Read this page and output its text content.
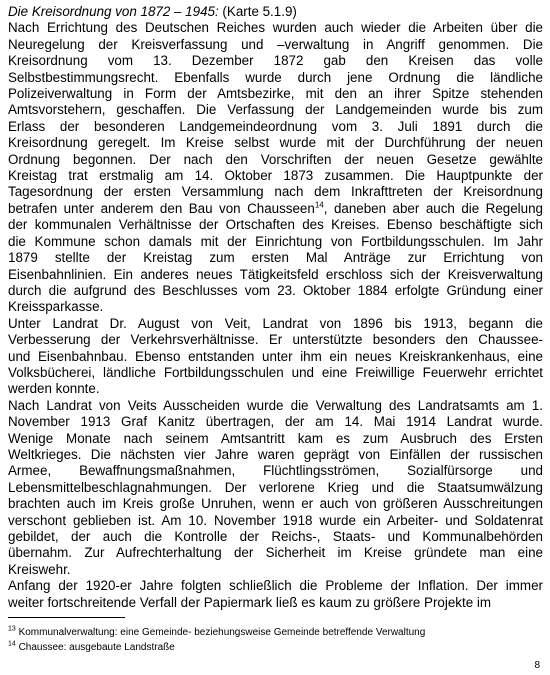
Die Kreisordnung von 1872 – 1945: (Karte 5.1.9)

Nach Errichtung des Deutschen Reiches wurden auch wieder die Arbeiten über die
Neuregelung der Kreisverfassung und –verwaltung in Angriff genommen. Die
Kreisordnung vom 13. Dezember 1872 gab den Kreisen das volle
Selbstbestimmungsrecht. Ebenfalls wurde durch jene Ordnung die ländliche
Polizeiverwaltung in Form der Amtsbezirke, mit den an ihrer Spitze stehenden
Amtsvorstehern, geschaffen. Die Verfassung der Landgemeinden wurde bis zum
Erlass der besonderen Landgemeindeordnung vom 3. Juli 1891 durch die
Kreisordnung geregelt. Im Kreise selbst wurde mit der Durchführung der neuen
Ordnung begonnen. Der nach den Vorschriften der neuen Gesetze gewählte
Kreistag trat erstmalig am 14. Oktober 1873 zusammen. Die Hauptpunkte der
Tagesordnung der ersten Versammlung nach dem Inkrafttreten der Kreisordnung
betrafen unter anderem den Bau von Chausseen$^{14}$, daneben aber auch die Regelung
der kommunalen Verhältnisse der Ortschaften des Kreises. Ebenso beschäftigte sich
die Kommune schon damals mit der Einrichtung von Fortbildungsschulen. Im Jahr
1879 stellte der Kreistag zum ersten Mal Anträge zur Errichtung von
Eisenbahnlinien. Ein anderes neues Tätigkeitsfeld erschloss sich der Kreisverwaltung
durch die aufgrund des Beschlusses vom 23. Oktober 1884 erfolgte Gründung einer
Kreissparkasse.
Unter Landrat Dr. August von Veit, Landrat von 1896 bis 1913, begann die
Verbesserung der Verkehrsverhältnisse. Er unterstützte besonders den Chaussee-
und Eisenbahnbau. Ebenso entstanden unter ihm ein neues Kreiskrankenhaus, eine
Volksbücherei, ländliche Fortbildungsschulen und eine Freiwillige Feuerwehr errichtet
werden konnte.
Nach Landrat von Veits Ausscheiden wurde die Verwaltung des Landratsamts am 1.
November 1913 Graf Kanitz übertragen, der am 14. Mai 1914 Landrat wurde.
Wenige Monate nach seinem Amtsantritt kam es zum Ausbruch des Ersten
Weltkrieges. Die nächsten vier Jahre waren geprägt von Einfällen der russischen
Armee, Bewaffnungsmaßnahmen, Flüchtlingsströmen, Sozialfürsorge und
Lebensmittelbeschlagnahmungen. Der verlorene Krieg und die Staatsumwälzung
brachten auch im Kreis große Unruhen, wenn er auch von größeren Ausschreitungen
verschont geblieben ist. Am 10. November 1918 wurde ein Arbeiter- und Soldatenrat
gebildet, der auch die Kontrolle der Reichs-, Staats- und Kommunalbehörden
übernahm. Zur Aufrechterhaltung der Sicherheit im Kreise gründete man eine
Kreiswehr.
Anfang der 1920-er Jahre folgten schließlich die Probleme der Inflation. Der immer
weiter fortschreitende Verfall der Papiermark ließ es kaum zu größere Projekte im

$^{13}$ Kommunalverwaltung: eine Gemeinde- beziehungsweise Gemeinde betreffende Verwaltung

$^{14}$ Chaussee: ausgebaute Landstraße

8
